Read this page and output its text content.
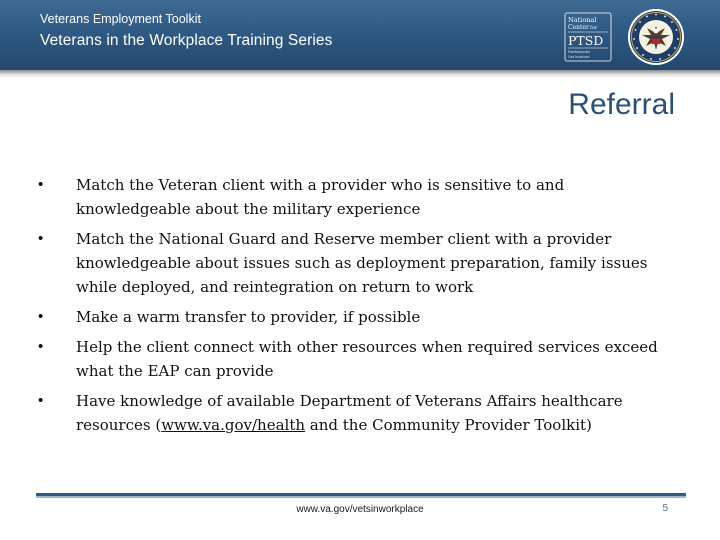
Veterans Employment Toolkit
Veterans in the Workplace Training Series
National
Center for
PTSD
Professionals
Get Involved
Referral
•	Match the Veteran client with a provider who is sensitive to and knowledgeable about the military experience
•	Match the National Guard and Reserve member client with a provider knowledgeable about issues such as deployment preparation, family issues while deployed, and reintegration on return to work
•	Make a warm transfer to provider, if possible
•	Help the client connect with other resources when required services exceed what the EAP can provide
•	Have knowledge of available Department of Veterans Affairs healthcare resources (www.va.gov/health and the Community Provider Toolkit)
www.va.gov/vetsinworkplace	5
